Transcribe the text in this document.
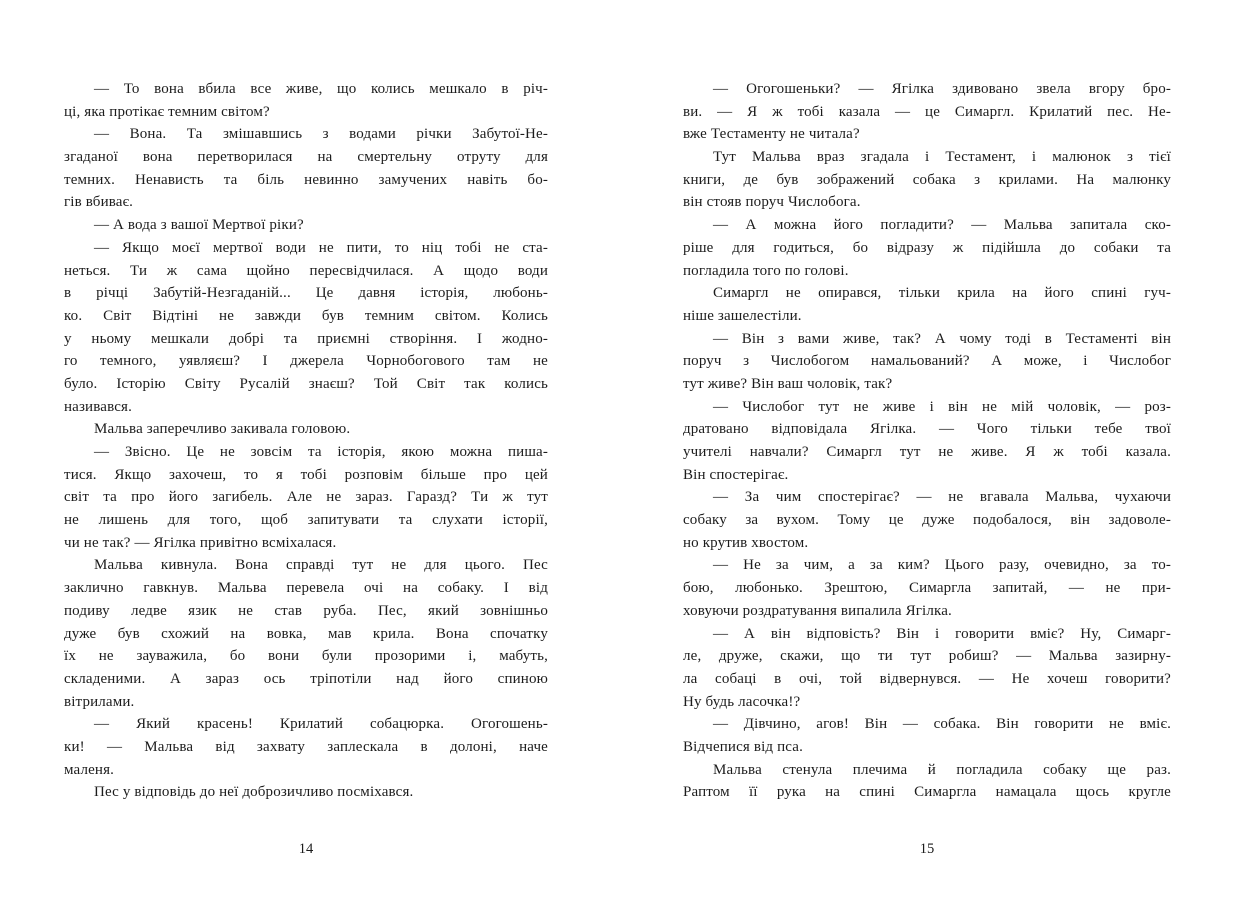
— То вона вбила все живе, що колись мешкало в річ-
ці, яка протікає темним світом?
— Вона. Та змішавшись з водами річки Забутої-Не-
згаданої вона перетворилася на смертельну отруту для
темних. Ненависть та біль невинно замучених навіть бо-
гів вбиває.
— А вода з вашої Мертвої ріки?
— Якщо моєї мертвої води не пити, то ніц тобі не ста-
неться. Ти ж сама щойно пересвідчилася. А щодо води
в річці Забутій-Незгаданій... Це давня історія, любонь-
ко. Світ Відтіні не завжди був темним світом. Колись
у ньому мешкали добрі та приємні створіння. І жодно-
го темного, уявляєш? І джерела Чорнобогового там не
було. Історію Світу Русалій знаєш? Той Світ так колись
називався.
Мальва заперечливо закивала головою.
— Звісно. Це не зовсім та історія, якою можна пиша-
тися. Якщо захочеш, то я тобі розповім більше про цей
світ та про його загибель. Але не зараз. Гаразд? Ти ж тут
не лишень для того, щоб запитувати та слухати історії,
чи не так? — Ягілка привітно всміхалася.
Мальва кивнула. Вона справді тут не для цього. Пес
заклично гавкнув. Мальва перевела очі на собаку. І від
подиву ледве язик не став руба. Пес, який зовнішньо
дуже був схожий на вовка, мав крила. Вона спочатку
їх не зауважила, бо вони були прозорими і, мабуть,
складеними. А зараз ось тріпотіли над його спиною
вітрилами.
— Який красень! Крилатий собацюрка. Огогошень-
ки! — Мальва від захвату заплескала в долоні, наче
маленя.
Пес у відповідь до неї доброзичливо посміхався.
— Огогошеньки? — Ягілка здивовано звела вгору бро-
ви. — Я ж тобі казала — це Симаргл. Крилатий пес. Не-
вже Тестаменту не читала?
Тут Мальва враз згадала і Тестамент, і малюнок з тієї
книги, де був зображений собака з крилами. На малюнку
він стояв поруч Числобога.
— А можна його погладити? — Мальва запитала ско-
ріше для годиться, бо відразу ж підійшла до собаки та
погладила того по голові.
Симаргл не опирався, тільки крила на його спині гуч-
ніше зашелестіли.
— Він з вами живе, так? А чому тоді в Тестаменті він
поруч з Числобогом намальований? А може, і Числобог
тут живе? Він ваш чоловік, так?
— Числобог тут не живе і він не мій чоловік, — роз-
дратовано відповідала Ягілка. — Чого тільки тебе твої
учителі навчали? Симаргл тут не живе. Я ж тобі казала.
Він спостерігає.
— За чим спостерігає? — не вгавала Мальва, чухаючи
собаку за вухом. Тому це дуже подобалося, він задоволе-
но крутив хвостом.
— Не за чим, а за ким? Цього разу, очевидно, за то-
бою, любонько. Зрештою, Симаргла запитай, — не при-
ховуючи роздратування випалила Ягілка.
— А він відповість? Він і говорити вміє? Ну, Симарг-
ле, друже, скажи, що ти тут робиш? — Мальва зазирну-
ла собаці в очі, той відвернувся. — Не хочеш говорити?
Ну будь ласочка!?
— Дівчино, агов! Він — собака. Він говорити не вміє.
Відчепися від пса.
Мальва стенула плечима й погладила собаку ще раз.
Раптом її рука на спині Симаргла намацала щось кругле
14	15
